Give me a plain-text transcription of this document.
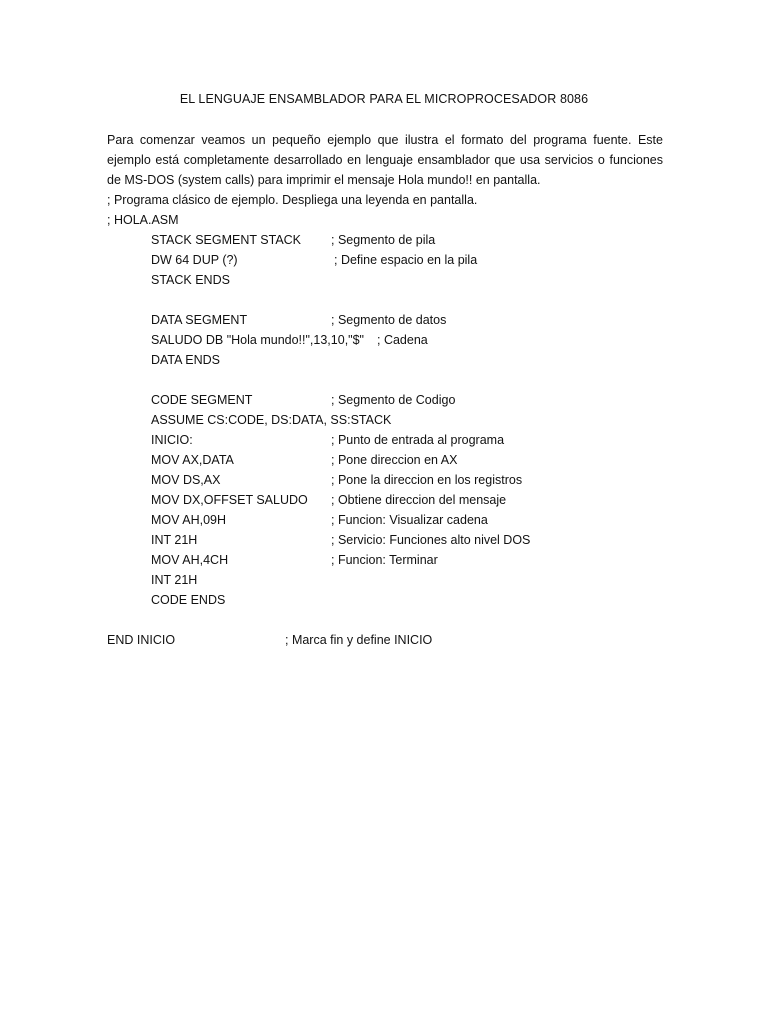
EL LENGUAJE ENSAMBLADOR PARA EL MICROPROCESADOR 8086

Para comenzar veamos un pequeño ejemplo que ilustra el formato del programa fuente. Este ejemplo está completamente desarrollado en lenguaje ensamblador que usa servicios o funciones de MS-DOS (system calls) para imprimir el mensaje Hola mundo!! en pantalla.

; Programa clásico de ejemplo. Despliega una leyenda en pantalla.
; HOLA.ASM
STACK SEGMENT STACK ; Segmento de pila
DW 64 DUP (?)	; Define espacio en la pila
STACK ENDS
DATA SEGMENT	; Segmento de datos
SALUDO DB "Hola mundo!!",13,10,"$" ; Cadena
DATA ENDS
CODE SEGMENT	; Segmento de Codigo
ASSUME CS:CODE, DS:DATA, SS:STACK
INICIO:	; Punto de entrada al programa
MOV AX,DATA	; Pone direccion en AX
MOV DS,AX	; Pone la direccion en los registros
MOV DX,OFFSET SALUDO ; Obtiene direccion del mensaje
MOV AH,09H	; Funcion: Visualizar cadena
INT 21H	; Servicio: Funciones alto nivel DOS
MOV AH,4CH	; Funcion: Terminar
INT 21H
CODE ENDS
END INICIO	; Marca fin y define INICIO
